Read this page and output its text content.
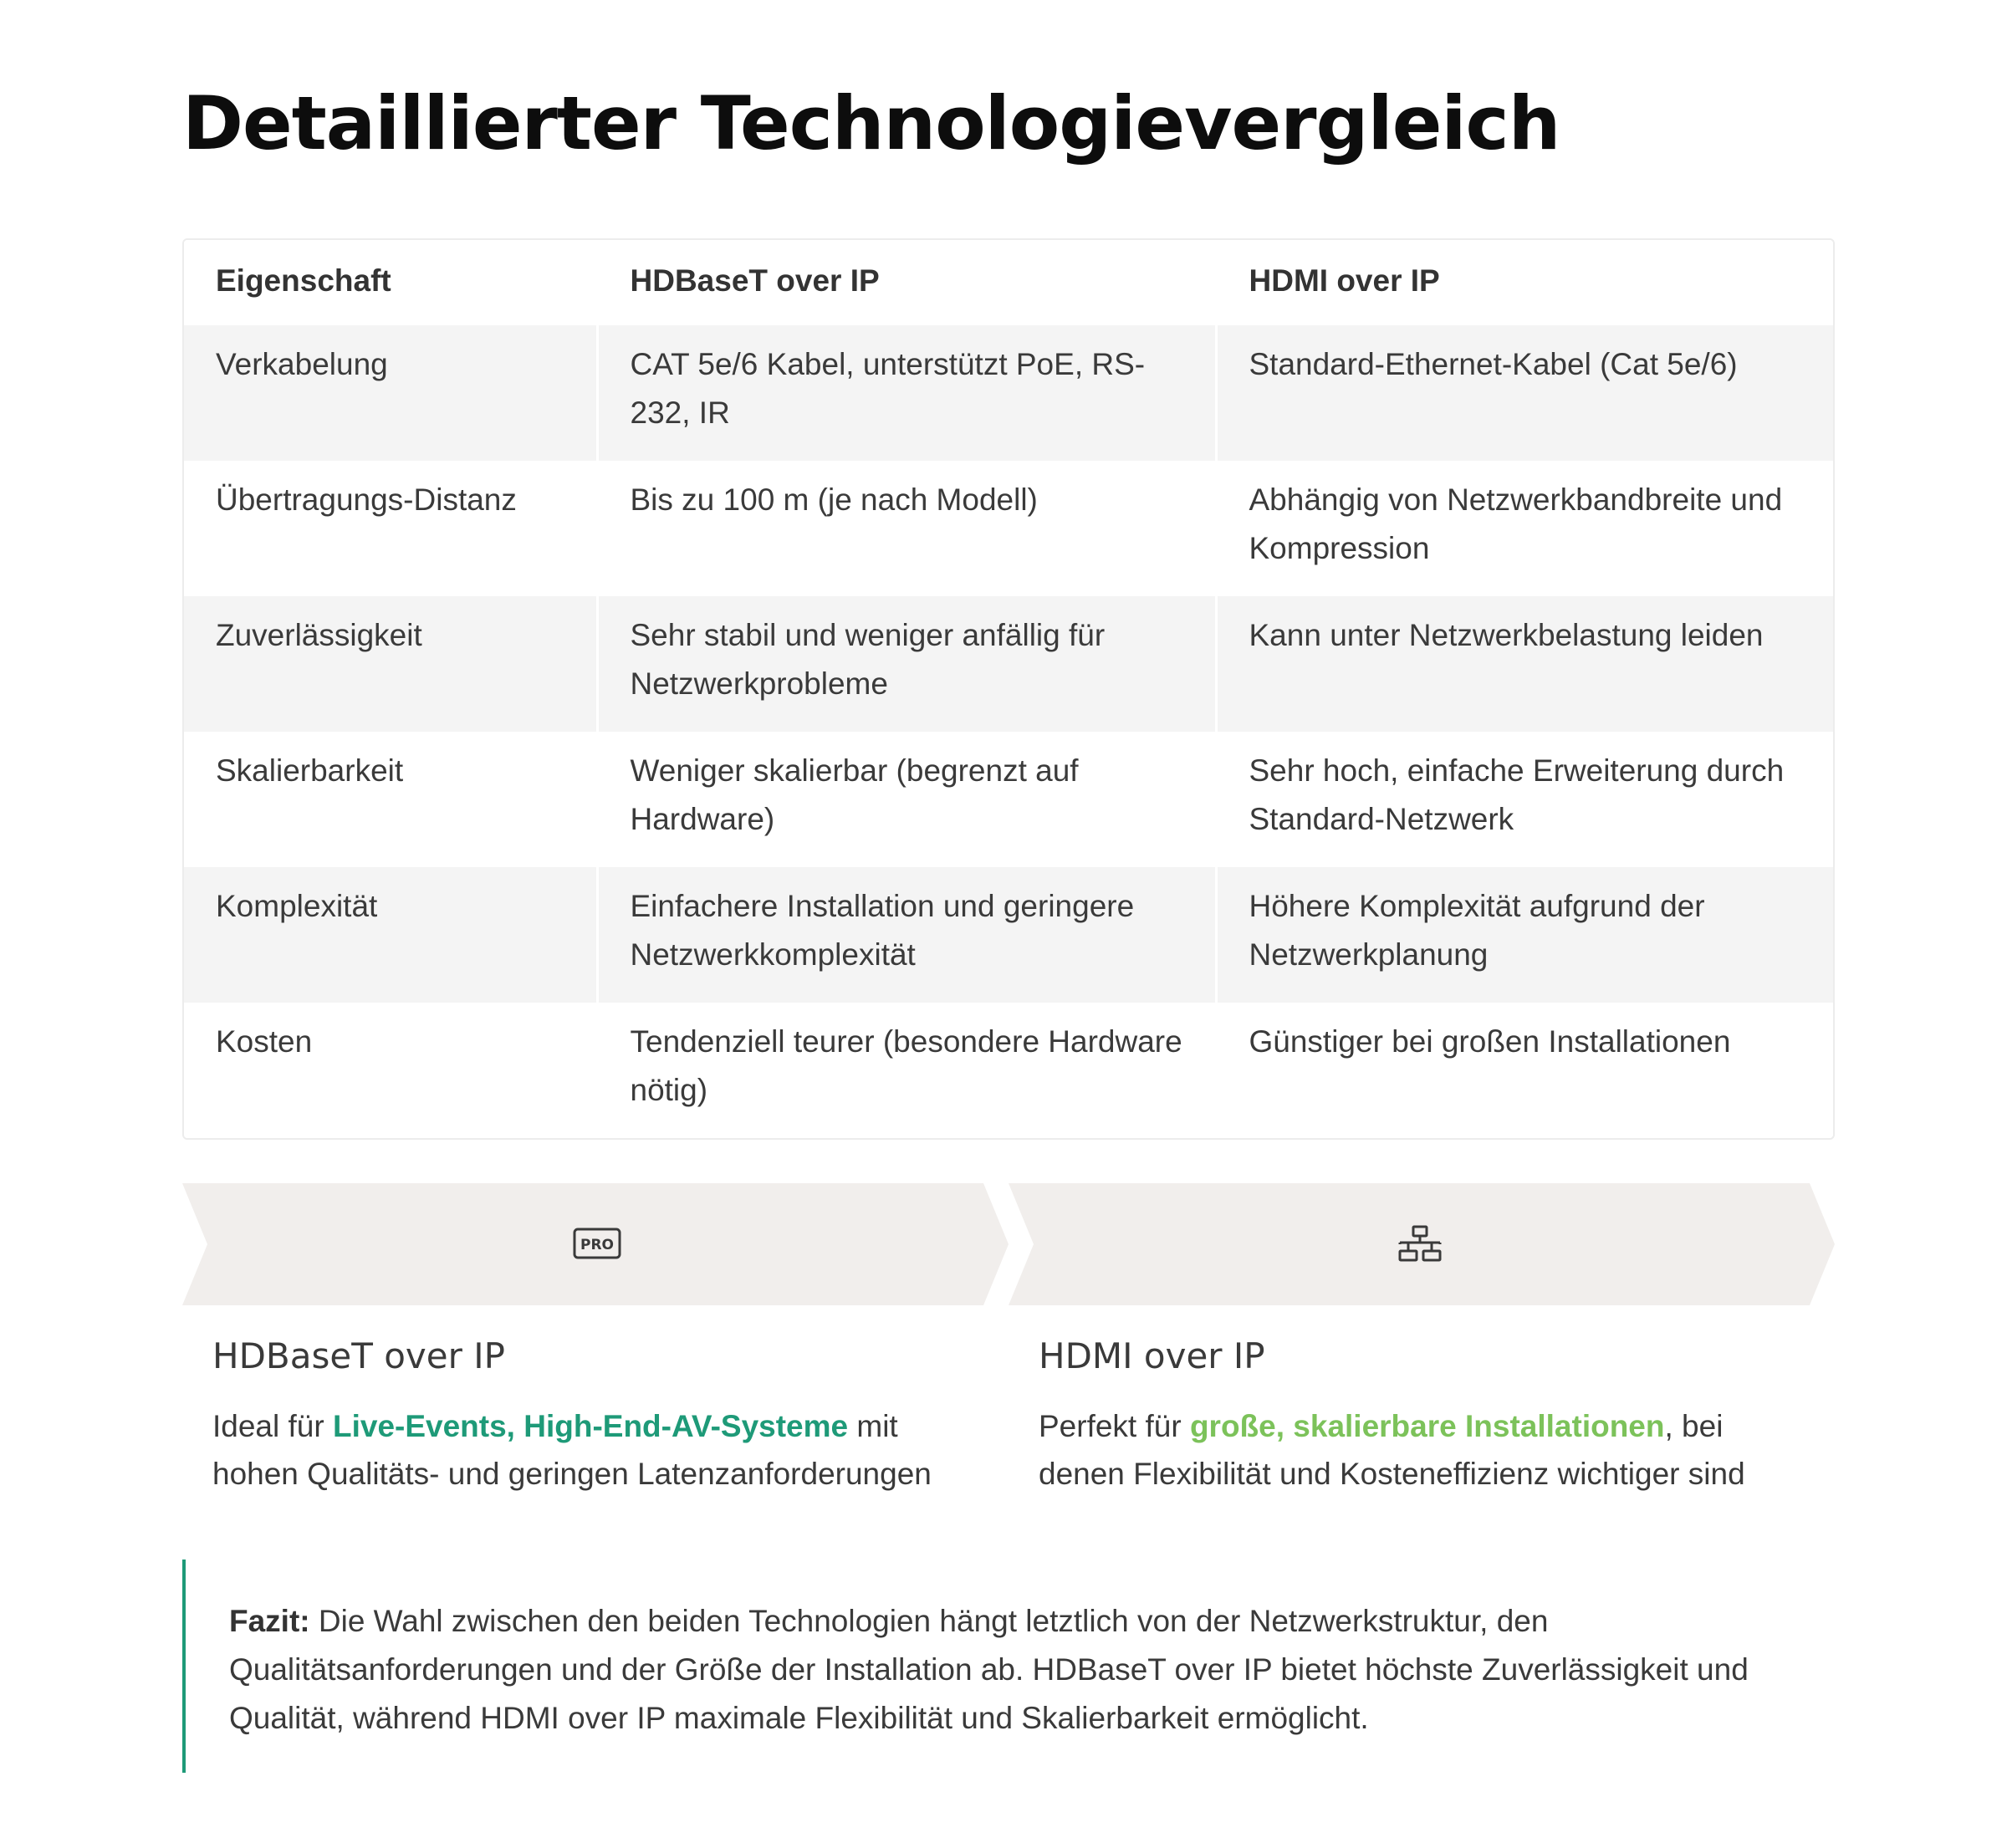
Detaillierter Technologievergleich
Eigenschaft	HDBaseT over IP	HDMI over IP
Verkabelung	CAT 5e/6 Kabel, unterstützt PoE, RS-232, IR	Standard-Ethernet-Kabel (Cat 5e/6)
Übertragungs-Distanz	Bis zu 100 m (je nach Modell)	Abhängig von Netzwerkbandbreite und Kompression
Zuverlässigkeit	Sehr stabil und weniger anfällig für Netzwerkprobleme	Kann unter Netzwerkbelastung leiden
Skalierbarkeit	Weniger skalierbar (begrenzt auf Hardware)	Sehr hoch, einfache Erweiterung durch Standard-Netzwerk
Komplexität	Einfachere Installation und geringere Netzwerkkomplexität	Höhere Komplexität aufgrund der Netzwerkplanung
Kosten	Tendenziell teurer (besondere Hardware nötig)	Günstiger bei großen Installationen
PRO
HDBaseT over IP

Ideal für Live-Events, High-End-AV-Systeme mit hohen Qualitäts- und geringen Latenzanforderungen

HDMI over IP

Perfekt für große, skalierbare Installationen, bei denen Flexibilität und Kosteneffizienz wichtiger sind

Fazit: Die Wahl zwischen den beiden Technologien hängt letztlich von der Netzwerkstruktur, den Qualitätsanforderungen und der Größe der Installation ab. HDBaseT over IP bietet höchste Zuverlässigkeit und Qualität, während HDMI over IP maximale Flexibilität und Skalierbarkeit ermöglicht.
